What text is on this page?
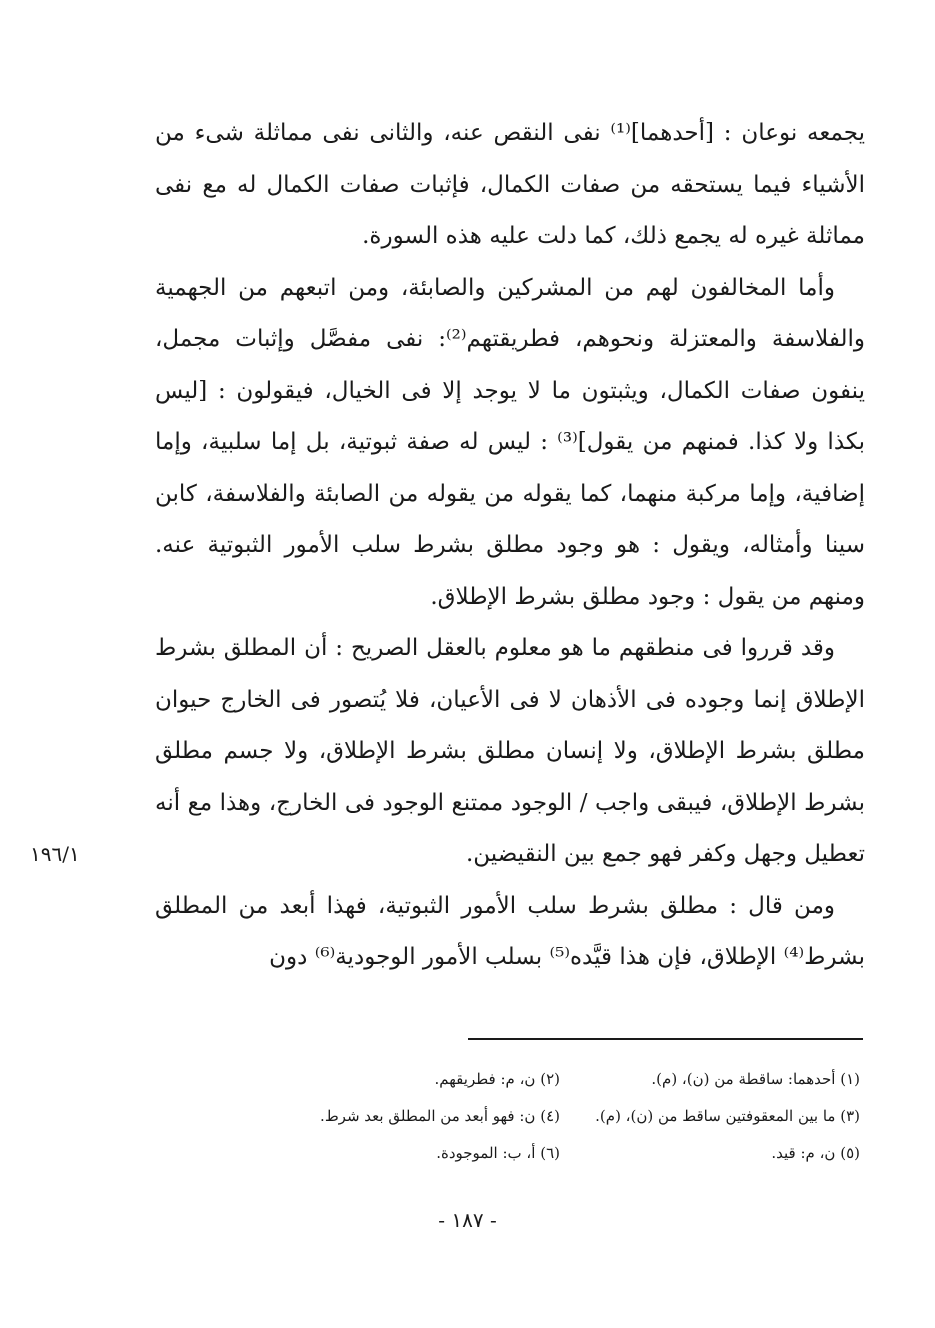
يجمعه نوعان : [أحدهما]⁽¹⁾ نفى النقص عنه، والثانى نفى مماثلة شىء من الأشياء فيما يستحقه من صفات الكمال، فإثبات صفات الكمال له مع نفى مماثلة غيره له يجمع ذلك، كما دلت عليه هذه السورة.

وأما المخالفون لهم من المشركين والصابئة، ومن اتبعهم من الجهمية والفلاسفة والمعتزلة ونحوهم، فطريقتهم⁽²⁾: نفى مفصَّل وإثبات مجمل، ينفون صفات الكمال، ويثبتون ما لا يوجد إلا فى الخيال، فيقولون : [ليس بكذا ولا كذا. فمنهم من يقول]⁽³⁾ : ليس له صفة ثبوتية، بل إما سلبية، وإما إضافية، وإما مركبة منهما، كما يقوله من يقوله من الصابئة والفلاسفة، كابن سينا وأمثاله، ويقول : هو وجود مطلق بشرط سلب الأمور الثبوتية عنه. ومنهم من يقول : وجود مطلق بشرط الإطلاق.

وقد قرروا فى منطقهم ما هو معلوم بالعقل الصريح : أن المطلق بشرط الإطلاق إنما وجوده فى الأذهان لا فى الأعيان، فلا يُتصور فى الخارج حيوان مطلق بشرط الإطلاق، ولا إنسان مطلق بشرط الإطلاق، ولا جسم مطلق بشرط الإطلاق، فيبقى واجب / الوجود ممتنع الوجود فى الخارج، وهذا مع أنه تعطيل وجهل وكفر فهو جمع بين النقيضين.

ومن قال : مطلق بشرط سلب الأمور الثبوتية، فهذا أبعد من المطلق بشرط⁽⁴⁾ الإطلاق، فإن هذا قيَّده⁽⁵⁾ بسلب الأمور الوجودية⁽⁶⁾ دون

١٩٦/١
(١) أحدهما: ساقطة من (ن)، (م).
(٢) ن، م: فطريقهم.
(٣) ما بين المعقوفتين ساقط من (ن)، (م).
(٤) ن: فهو أبعد من المطلق بعد شرط.
(٥) ن، م: قيد.
(٦) أ، ب: الموجودة.
- ١٨٧ -
